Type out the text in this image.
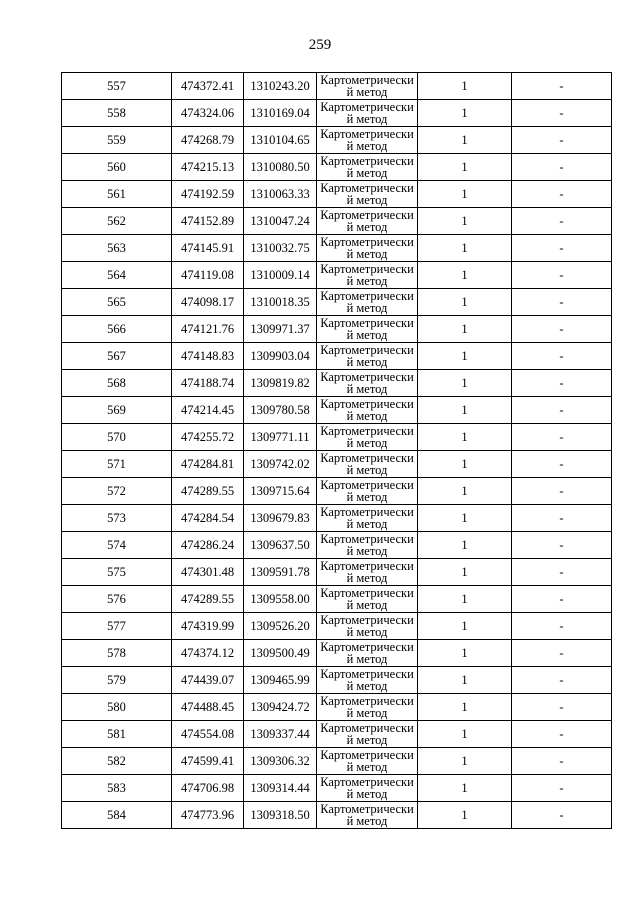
259
557	474372.41	1310243.20	Картометрически й метод	1	-
558	474324.06	1310169.04	Картометрически й метод	1	-
559	474268.79	1310104.65	Картометрически й метод	1	-
560	474215.13	1310080.50	Картометрически й метод	1	-
561	474192.59	1310063.33	Картометрически й метод	1	-
562	474152.89	1310047.24	Картометрически й метод	1	-
563	474145.91	1310032.75	Картометрически й метод	1	-
564	474119.08	1310009.14	Картометрически й метод	1	-
565	474098.17	1310018.35	Картометрически й метод	1	-
566	474121.76	1309971.37	Картометрически й метод	1	-
567	474148.83	1309903.04	Картометрически й метод	1	-
568	474188.74	1309819.82	Картометрически й метод	1	-
569	474214.45	1309780.58	Картометрически й метод	1	-
570	474255.72	1309771.11	Картометрически й метод	1	-
571	474284.81	1309742.02	Картометрически й метод	1	-
572	474289.55	1309715.64	Картометрически й метод	1	-
573	474284.54	1309679.83	Картометрически й метод	1	-
574	474286.24	1309637.50	Картометрически й метод	1	-
575	474301.48	1309591.78	Картометрически й метод	1	-
576	474289.55	1309558.00	Картометрически й метод	1	-
577	474319.99	1309526.20	Картометрически й метод	1	-
578	474374.12	1309500.49	Картометрически й метод	1	-
579	474439.07	1309465.99	Картометрически й метод	1	-
580	474488.45	1309424.72	Картометрически й метод	1	-
581	474554.08	1309337.44	Картометрически й метод	1	-
582	474599.41	1309306.32	Картометрически й метод	1	-
583	474706.98	1309314.44	Картометрически й метод	1	-
584	474773.96	1309318.50	Картометрически й метод	1	-
